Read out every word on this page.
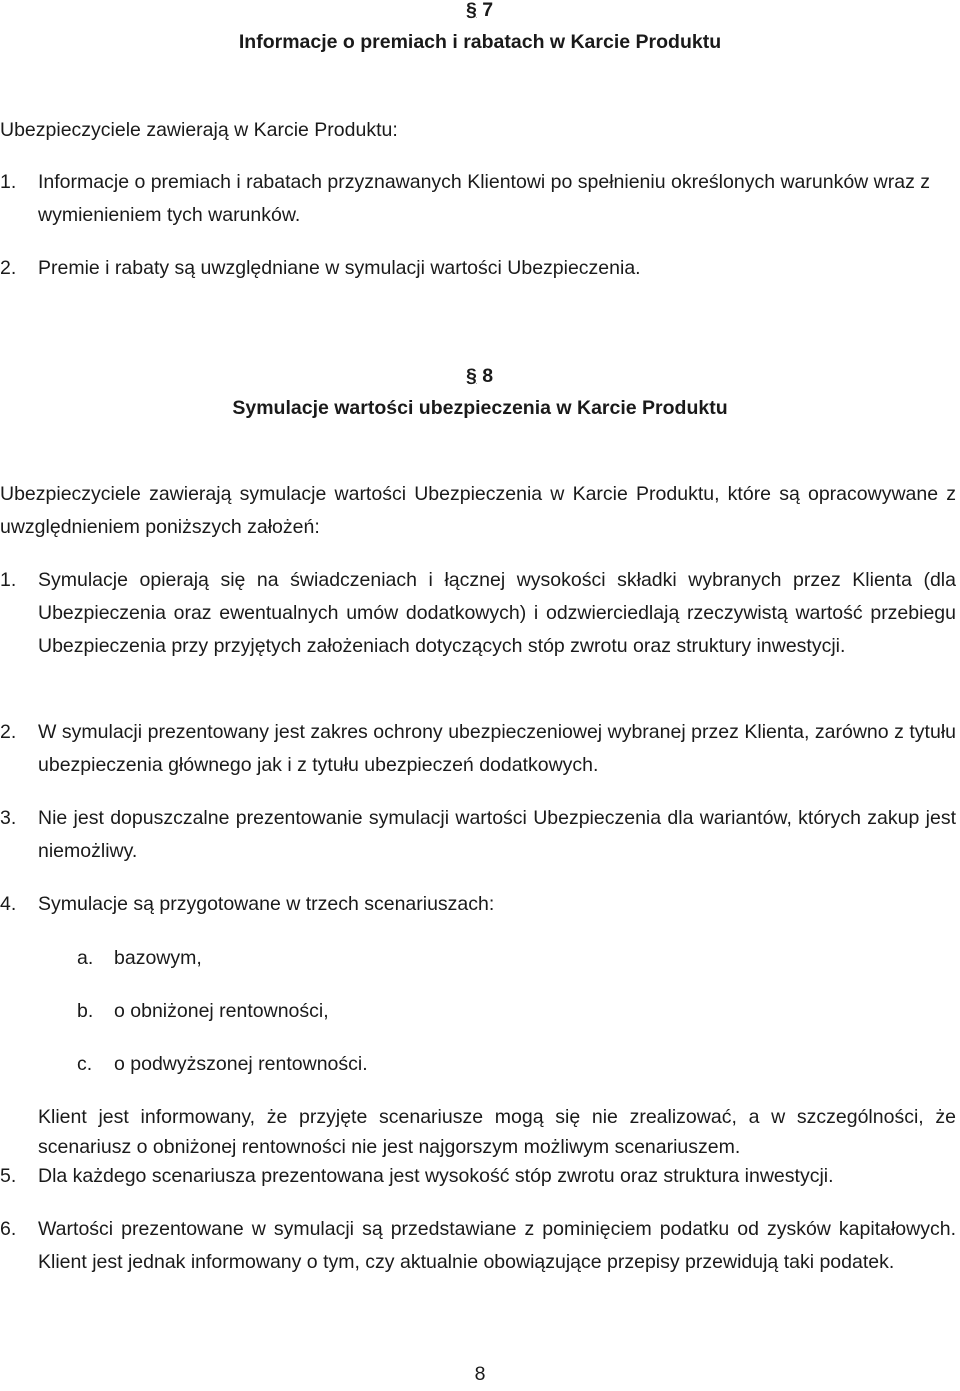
§ 7
Informacje o premiach i rabatach w Karcie Produktu
Ubezpieczyciele zawierają w Karcie Produktu:
1.	Informacje o premiach i rabatach przyznawanych Klientowi po spełnieniu określonych warunków wraz z wymienieniem tych warunków.
2.	Premie i rabaty są uwzględniane w symulacji wartości Ubezpieczenia.
§ 8
Symulacje wartości ubezpieczenia w Karcie Produktu
Ubezpieczyciele zawierają symulacje wartości Ubezpieczenia w Karcie Produktu, które są opracowywane z uwzględnieniem poniższych założeń:
1.	Symulacje opierają się na świadczeniach i łącznej wysokości składki wybranych przez Klienta (dla Ubezpieczenia oraz ewentualnych umów dodatkowych) i odzwierciedlają rzeczywistą wartość przebiegu Ubezpieczenia przy przyjętych założeniach dotyczących stóp zwrotu oraz struktury inwestycji.
2.	W symulacji prezentowany jest zakres ochrony ubezpieczeniowej wybranej przez Klienta, zarówno z tytułu ubezpieczenia głównego jak i z tytułu ubezpieczeń dodatkowych.
3.	Nie jest dopuszczalne prezentowanie symulacji wartości Ubezpieczenia dla wariantów, których zakup jest niemożliwy.
4.	Symulacje są przygotowane w trzech scenariuszach:
a. bazowym,
b. o obniżonej rentowności,
c. o podwyższonej rentowności.
Klient jest informowany, że przyjęte scenariusze mogą się nie zrealizować, a w szczególności, że scenariusz o obniżonej rentowności nie jest najgorszym możliwym scenariuszem.
5.	Dla każdego scenariusza prezentowana jest wysokość stóp zwrotu oraz struktura inwestycji.
6.	Wartości prezentowane w symulacji są przedstawiane z pominięciem podatku od zysków kapitałowych. Klient jest jednak informowany o tym, czy aktualnie obowiązujące przepisy przewidują taki podatek.
8
